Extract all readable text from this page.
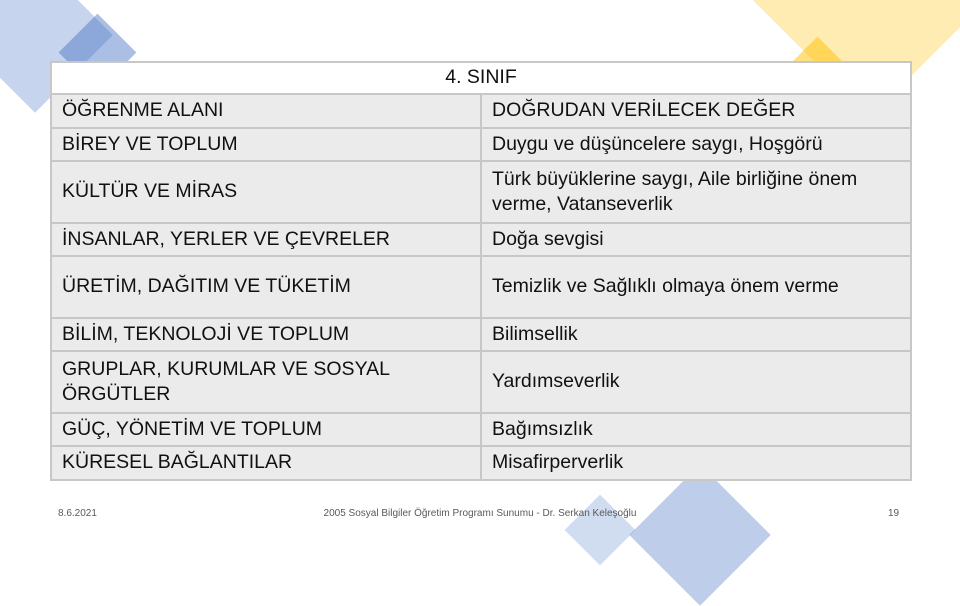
4. SINIF	
ÖĞRENME ALANI	DOĞRUDAN VERİLECEK DEĞER
BİREY VE TOPLUM	Duygu ve düşüncelere saygı, Hoşgörü
KÜLTÜR VE MİRAS	Türk büyüklerine saygı, Aile birliğine önem verme, Vatanseverlik
İNSANLAR, YERLER VE ÇEVRELER	Doğa sevgisi
ÜRETİM, DAĞITIM VE TÜKETİM	Temizlik ve Sağlıklı olmaya önem verme
BİLİM, TEKNOLOJİ VE TOPLUM	Bilimsellik
GRUPLAR, KURUMLAR VE SOSYAL ÖRGÜTLER	Yardımseverlik
GÜÇ, YÖNETİM VE TOPLUM	Bağımsızlık
KÜRESEL BAĞLANTILAR	Misafirperverlik
8.6.2021	2005 Sosyal Bilgiler Öğretim Programı Sunumu - Dr. Serkan Keleşoğlu	19
